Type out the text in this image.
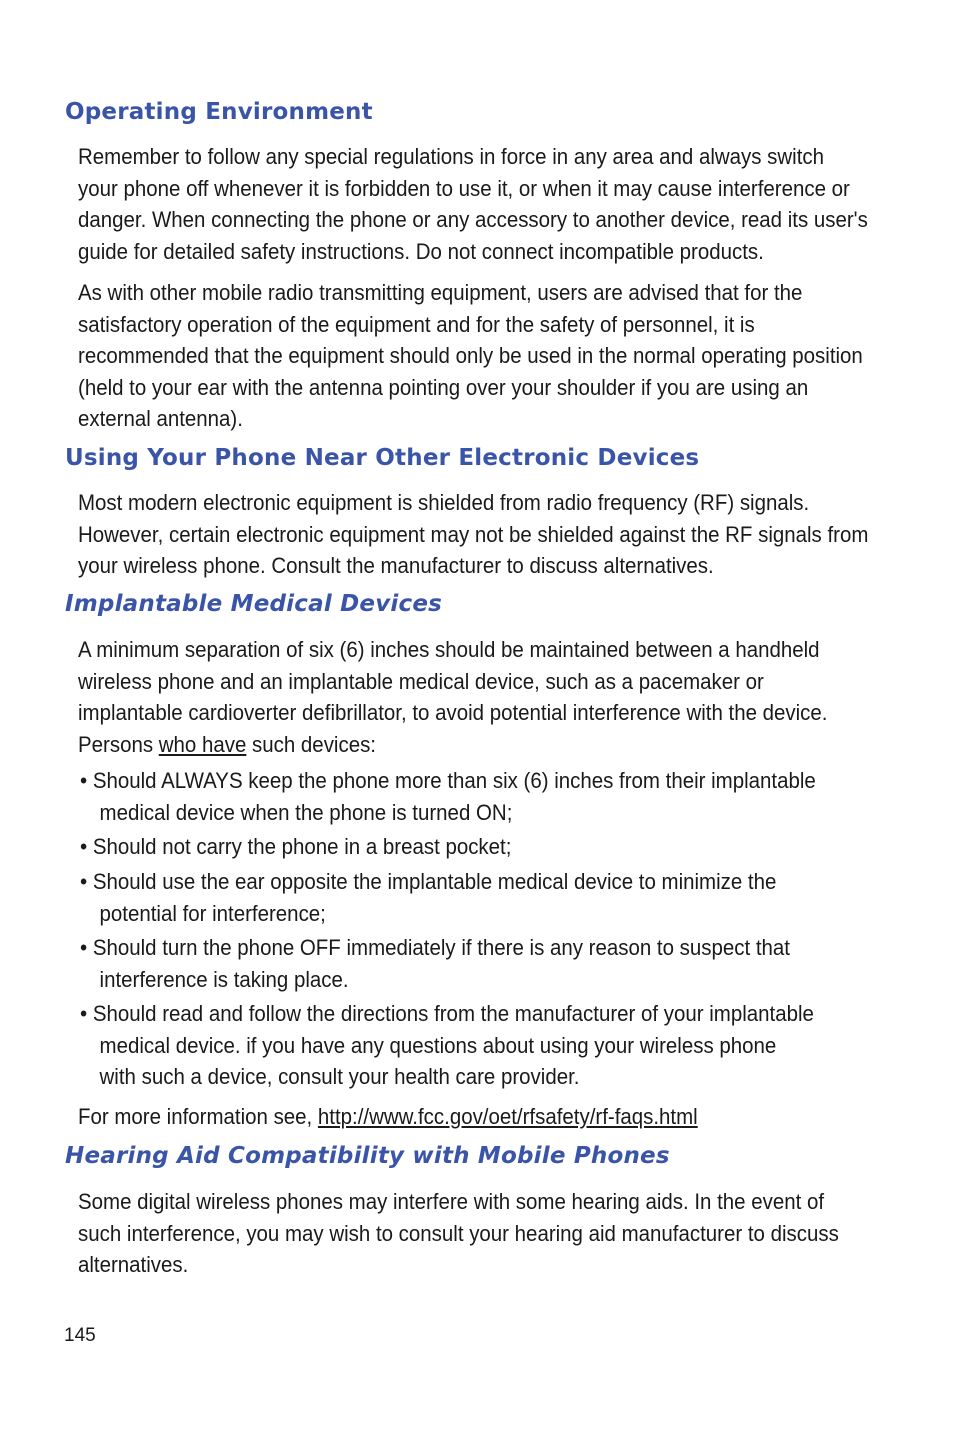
Operating Environment

Remember to follow any special regulations in force in any area and always switch your phone off whenever it is forbidden to use it, or when it may cause interference or danger. When connecting the phone or any accessory to another device, read its user's guide for detailed safety instructions. Do not connect incompatible products.

As with other mobile radio transmitting equipment, users are advised that for the satisfactory operation of the equipment and for the safety of personnel, it is recommended that the equipment should only be used in the normal operating position (held to your ear with the antenna pointing over your shoulder if you are using an external antenna).

Using Your Phone Near Other Electronic Devices

Most modern electronic equipment is shielded from radio frequency (RF) signals. However, certain electronic equipment may not be shielded against the RF signals from your wireless phone. Consult the manufacturer to discuss alternatives.

Implantable Medical Devices

A minimum separation of six (6) inches should be maintained between a handheld wireless phone and an implantable medical device, such as a pacemaker or implantable cardioverter defibrillator, to avoid potential interference with the device. Persons who have such devices:

• Should ALWAYS keep the phone more than six (6) inches from their implantable
medical device when the phone is turned ON;
• Should not carry the phone in a breast pocket;
• Should use the ear opposite the implantable medical device to minimize the
potential for interference;
• Should turn the phone OFF immediately if there is any reason to suspect that
interference is taking place.
• Should read and follow the directions from the manufacturer of your implantable
medical device. if you have any questions about using your wireless phone with such a device, consult your health care provider.

For more information see, http://www.fcc.gov/oet/rfsafety/rf-faqs.html

Hearing Aid Compatibility with Mobile Phones

Some digital wireless phones may interfere with some hearing aids. In the event of such interference, you may wish to consult your hearing aid manufacturer to discuss alternatives.

145
